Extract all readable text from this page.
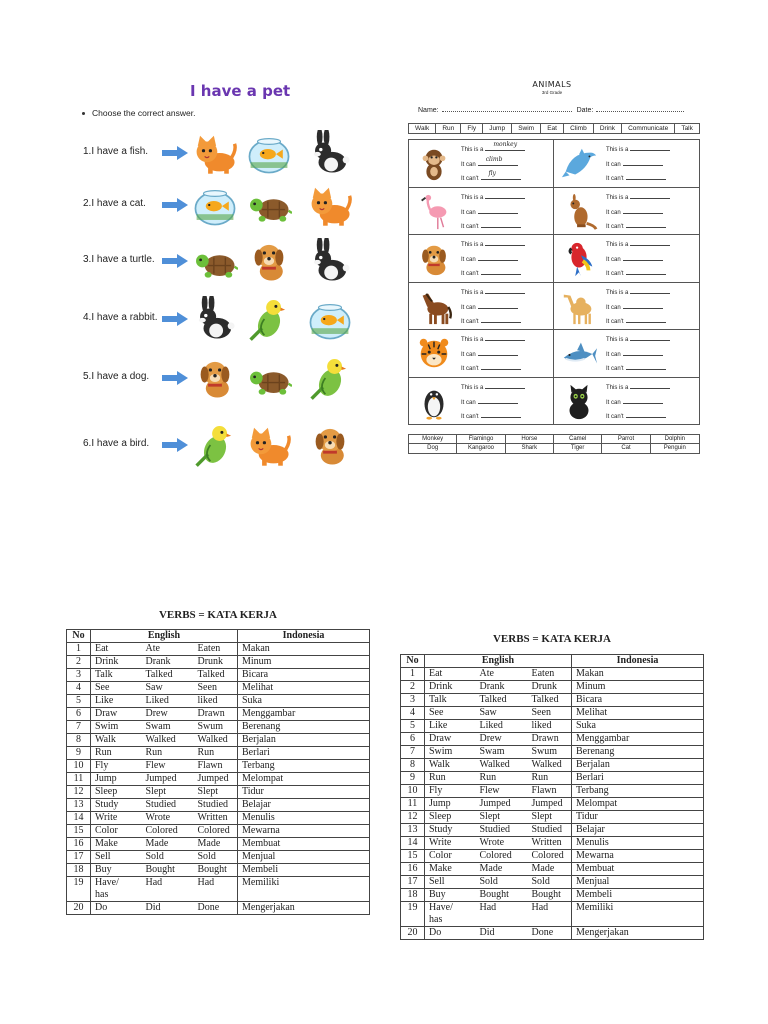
I have a pet
Choose the correct answer.
1.I have a fish.
2.I have a cat.
3.I have a turtle.
4.I have a rabbit.
5.I have a dog.
6.I have a bird.
ANIMALS
3rd Grade
Name:	Date:
Walk	Run	Fly	Jump	Swim	Eat	Climb	Drink	Communicate	Talk
This is a
monkey
It can
climb
It can't
fly
This is a
It can
It can't
This is a
It can
It can't
This is a
It can
It can't
This is a
It can
It can't
This is a
It can
It can't
This is a
It can
It can't
This is a
It can
It can't
This is a
It can
It can't
This is a
It can
It can't
This is a
It can
It can't
This is a
It can
It can't
Monkey	Flamingo	Horse	Camel	Parrot	Dolphin
Dog	Kangaroo	Shark	Tiger	Cat	Penguin
VERBS = KATA KERJA
No	English			Indonesia
1	Eat	Ate	Eaten	Makan
2	Drink	Drank	Drunk	Minum
3	Talk	Talked	Talked	Bicara
4	See	Saw	Seen	Melihat
5	Like	Liked	liked	Suka
6	Draw	Drew	Drawn	Menggambar
7	Swim	Swam	Swum	Berenang
8	Walk	Walked	Walked	Berjalan
9	Run	Run	Run	Berlari
10	Fly	Flew	Flawn	Terbang
11	Jump	Jumped	Jumped	Melompat
12	Sleep	Slept	Slept	Tidur
13	Study	Studied	Studied	Belajar
14	Write	Wrote	Written	Menulis
15	Color	Colored	Colored	Mewarna
16	Make	Made	Made	Membuat
17	Sell	Sold	Sold	Menjual
18	Buy	Bought	Bought	Membeli
19	Have/
has	Had	Had	Memiliki
20	Do	Did	Done	Mengerjakan
VERBS = KATA KERJA
No	English			Indonesia
1	Eat	Ate	Eaten	Makan
2	Drink	Drank	Drunk	Minum
3	Talk	Talked	Talked	Bicara
4	See	Saw	Seen	Melihat
5	Like	Liked	liked	Suka
6	Draw	Drew	Drawn	Menggambar
7	Swim	Swam	Swum	Berenang
8	Walk	Walked	Walked	Berjalan
9	Run	Run	Run	Berlari
10	Fly	Flew	Flawn	Terbang
11	Jump	Jumped	Jumped	Melompat
12	Sleep	Slept	Slept	Tidur
13	Study	Studied	Studied	Belajar
14	Write	Wrote	Written	Menulis
15	Color	Colored	Colored	Mewarna
16	Make	Made	Made	Membuat
17	Sell	Sold	Sold	Menjual
18	Buy	Bought	Bought	Membeli
19	Have/
has	Had	Had	Memiliki
20	Do	Did	Done	Mengerjakan
